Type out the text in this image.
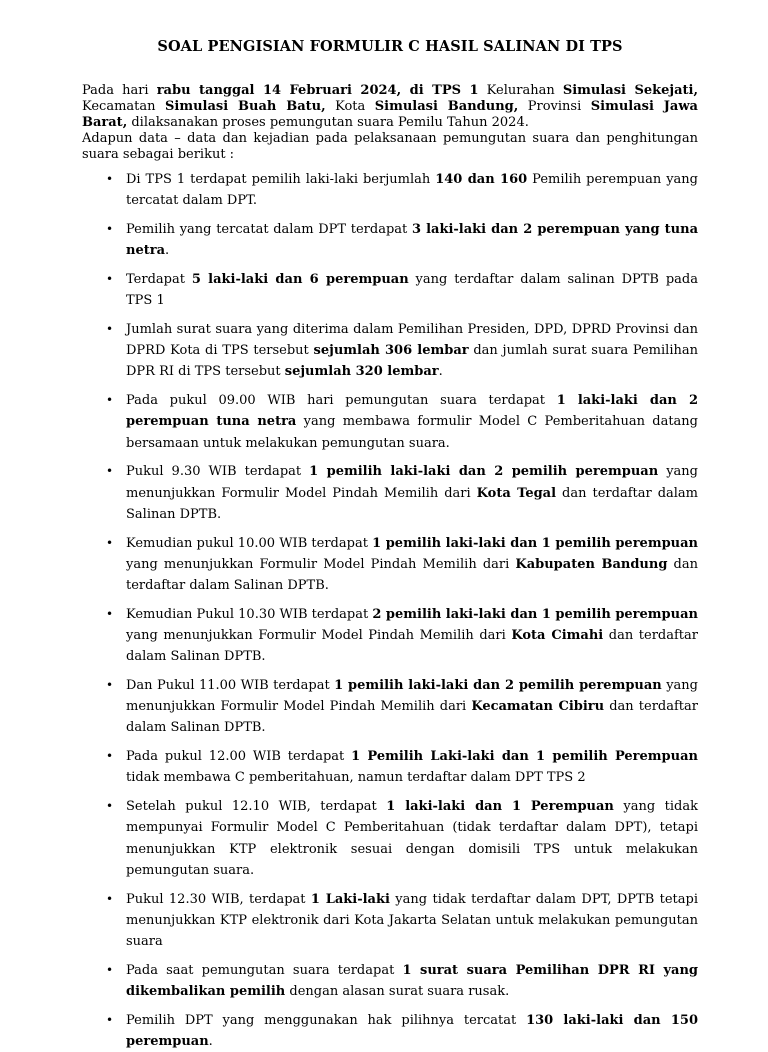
SOAL PENGISIAN FORMULIR C HASIL SALINAN DI TPS

Pada hari rabu tanggal 14 Februari 2024, di TPS 1 Kelurahan Simulasi Sekejati, Kecamatan Simulasi Buah Batu, Kota Simulasi Bandung, Provinsi Simulasi Jawa Barat, dilaksanakan proses pemungutan suara Pemilu Tahun 2024.

Adapun data – data dan kejadian pada pelaksanaan pemungutan suara dan penghitungan suara sebagai berikut :

• Di TPS 1 terdapat pemilih laki-laki berjumlah 140 dan 160 Pemilih perempuan yang tercatat dalam DPT.
• Pemilih yang tercatat dalam DPT terdapat 3 laki-laki dan 2 perempuan yang tuna netra.
• Terdapat 5 laki-laki dan 6 perempuan yang terdaftar dalam salinan DPTB pada TPS 1
• Jumlah surat suara yang diterima dalam Pemilihan Presiden, DPD, DPRD Provinsi dan DPRD Kota di TPS tersebut sejumlah 306 lembar dan jumlah surat suara Pemilihan DPR RI di TPS tersebut sejumlah 320 lembar.
• Pada pukul 09.00 WIB hari pemungutan suara terdapat 1 laki-laki dan 2 perempuan tuna netra yang membawa formulir Model C Pemberitahuan datang bersamaan untuk melakukan pemungutan suara.
• Pukul 9.30 WIB terdapat 1 pemilih laki-laki dan 2 pemilih perempuan yang menunjukkan Formulir Model Pindah Memilih dari Kota Tegal dan terdaftar dalam Salinan DPTB.
• Kemudian pukul 10.00 WIB terdapat 1 pemilih laki-laki dan 1 pemilih perempuan yang menunjukkan Formulir Model Pindah Memilih dari Kabupaten Bandung dan terdaftar dalam Salinan DPTB.
• Kemudian Pukul 10.30 WIB terdapat 2 pemilih laki-laki dan 1 pemilih perempuan yang menunjukkan Formulir Model Pindah Memilih dari Kota Cimahi dan terdaftar dalam Salinan DPTB.
• Dan Pukul 11.00 WIB terdapat 1 pemilih laki-laki dan 2 pemilih perempuan yang menunjukkan Formulir Model Pindah Memilih dari Kecamatan Cibiru dan terdaftar dalam Salinan DPTB.
• Pada pukul 12.00 WIB terdapat 1 Pemilih Laki-laki dan 1 pemilih Perempuan tidak membawa C pemberitahuan, namun terdaftar dalam DPT TPS 2
• Setelah pukul 12.10 WIB, terdapat 1 laki-laki dan 1 Perempuan yang tidak mempunyai Formulir Model C Pemberitahuan (tidak terdaftar dalam DPT), tetapi menunjukkan KTP elektronik sesuai dengan domisili TPS untuk melakukan pemungutan suara.
• Pukul 12.30 WIB, terdapat 1 Laki-laki yang tidak terdaftar dalam DPT, DPTB tetapi menunjukkan KTP elektronik dari Kota Jakarta Selatan untuk melakukan pemungutan suara
• Pada saat pemungutan suara terdapat 1 surat suara Pemilihan DPR RI yang dikembalikan pemilih dengan alasan surat suara rusak.
• Pemilih DPT yang menggunakan hak pilihnya tercatat 130 laki-laki dan 150 perempuan.
